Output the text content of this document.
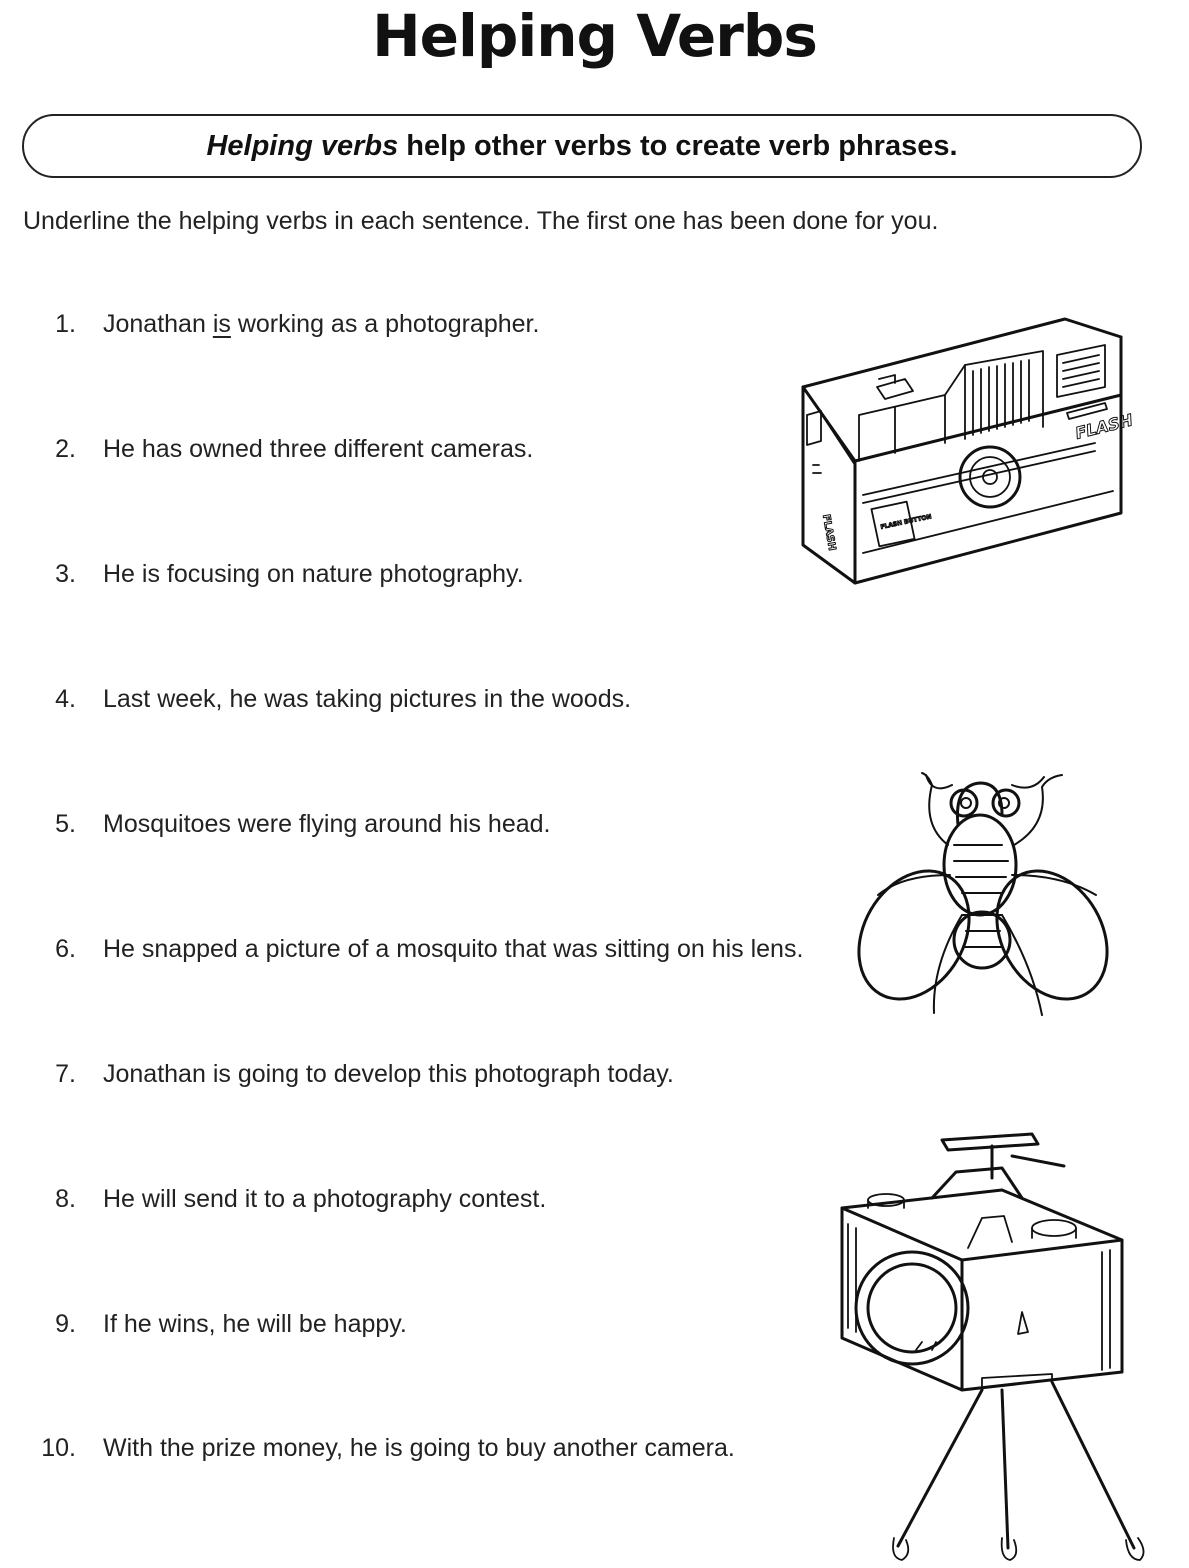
Helping Verbs
Helping verbs help other verbs to create verb phrases.
Underline the helping verbs in each sentence. The first one has been done for you.
1. Jonathan is working as a photographer.
2. He has owned three different cameras.
3. He is focusing on nature photography.
4. Last week, he was taking pictures in the woods.
5. Mosquitoes were flying around his head.
6. He snapped a picture of a mosquito that was sitting on his lens.
7. Jonathan is going to develop this photograph today.
8. He will send it to a photography contest.
9. If he wins, he will be happy.
10. With the prize money, he is going to buy another camera.
FLASH
FLASH	FLASH BUTTON
